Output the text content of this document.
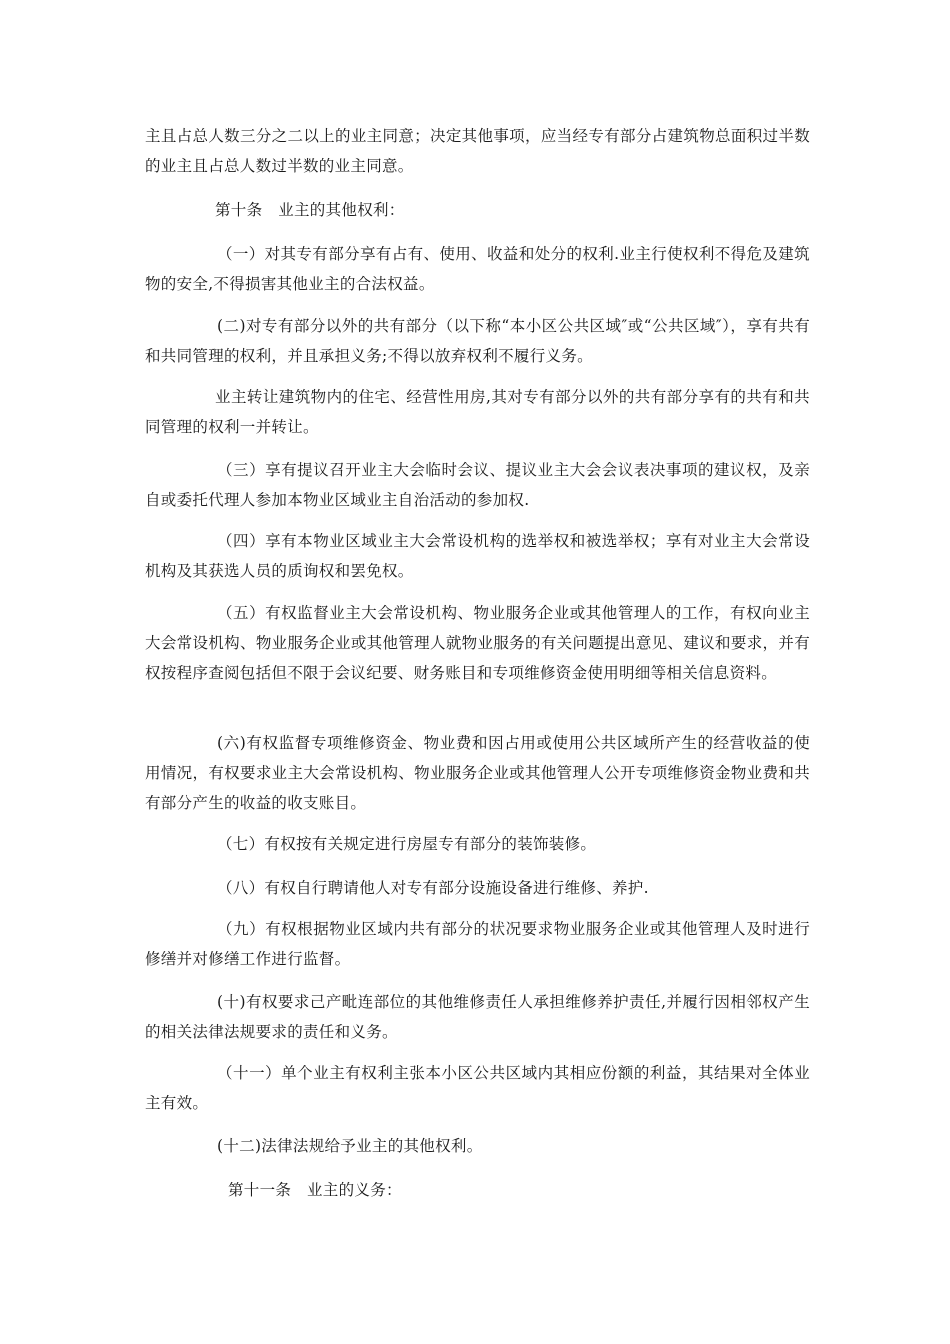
主且占总人数三分之二以上的业主同意；决定其他事项，应当经专有部分占建筑物总面积过半数的业主且占总人数过半数的业主同意。

第十条　业主的其他权利：

（一）对其专有部分享有占有、使用、收益和处分的权利.业主行使权利不得危及建筑物的安全,不得损害其他业主的合法权益。

(二)对专有部分以外的共有部分（以下称“本小区公共区域″或“公共区域″），享有共有和共同管理的权利，并且承担义务;不得以放弃权利不履行义务。

业主转让建筑物内的住宅、经营性用房,其对专有部分以外的共有部分享有的共有和共同管理的权利一并转让。

（三）享有提议召开业主大会临时会议、提议业主大会会议表决事项的建议权，及亲自或委托代理人参加本物业区域业主自治活动的参加权.

（四）享有本物业区域业主大会常设机构的选举权和被选举权；享有对业主大会常设机构及其获选人员的质询权和罢免权。

（五）有权监督业主大会常设机构、物业服务企业或其他管理人的工作，有权向业主大会常设机构、物业服务企业或其他管理人就物业服务的有关问题提出意见、建议和要求，并有权按程序查阅包括但不限于会议纪要、财务账目和专项维修资金使用明细等相关信息资料。

(六)有权监督专项维修资金、物业费和因占用或使用公共区域所产生的经营收益的使用情况，有权要求业主大会常设机构、物业服务企业或其他管理人公开专项维修资金物业费和共有部分产生的收益的收支账目。

（七）有权按有关规定进行房屋专有部分的装饰装修。

（八）有权自行聘请他人对专有部分设施设备进行维修、养护.

（九）有权根据物业区域内共有部分的状况要求物业服务企业或其他管理人及时进行修缮并对修缮工作进行监督。

(十)有权要求己产毗连部位的其他维修责任人承担维修养护责任,并履行因相邻权产生的相关法律法规要求的责任和义务。

（十一）单个业主有权利主张本小区公共区域内其相应份额的利益，其结果对全体业主有效。

(十二)法律法规给予业主的其他权利。

第十一条　业主的义务：
